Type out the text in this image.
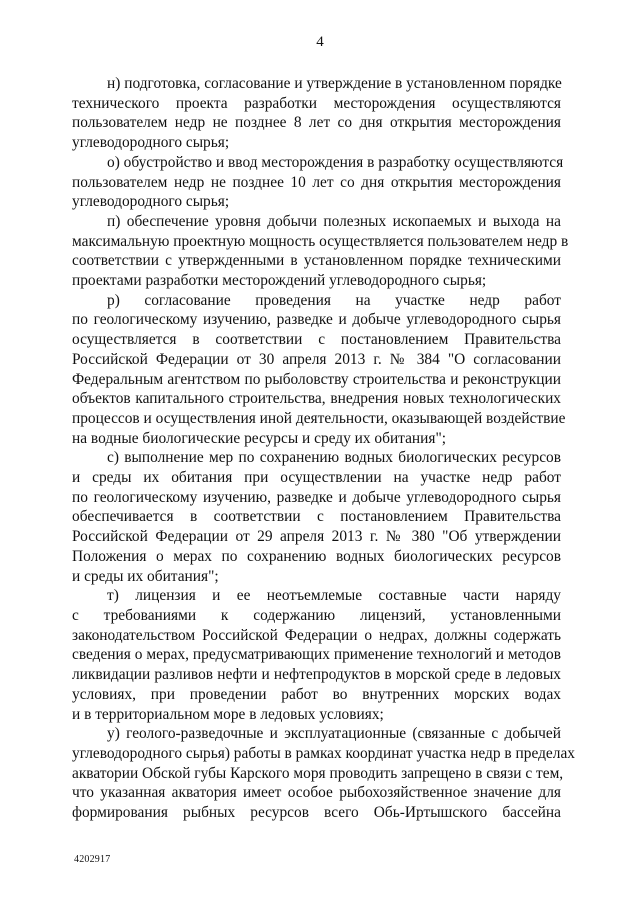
4

н) подготовка, согласование и утверждение в установленном порядке
технического проекта разработки месторождения осуществляются
пользователем недр не позднее 8 лет со дня открытия месторождения
углеводородного сырья;

о) обустройство и ввод месторождения в разработку осуществляются
пользователем недр не позднее 10 лет со дня открытия месторождения
углеводородного сырья;

п) обеспечение уровня добычи полезных ископаемых и выхода на
максимальную проектную мощность осуществляется пользователем недр в
соответствии с утвержденными в установленном порядке техническими
проектами разработки месторождений углеводородного сырья;

р) согласование проведения на участке недр работ
по геологическому изучению, разведке и добыче углеводородного сырья
осуществляется в соответствии с постановлением Правительства
Российской Федерации от 30 апреля 2013 г. № 384 "О согласовании
Федеральным агентством по рыболовству строительства и реконструкции
объектов капитального строительства, внедрения новых технологических
процессов и осуществления иной деятельности, оказывающей воздействие
на водные биологические ресурсы и среду их обитания";

с) выполнение мер по сохранению водных биологических ресурсов
и среды их обитания при осуществлении на участке недр работ
по геологическому изучению, разведке и добыче углеводородного сырья
обеспечивается в соответствии с постановлением Правительства
Российской Федерации от 29 апреля 2013 г. № 380 "Об утверждении
Положения о мерах по сохранению водных биологических ресурсов
и среды их обитания";

т) лицензия и ее неотъемлемые составные части наряду
с требованиями к содержанию лицензий, установленными
законодательством Российской Федерации о недрах, должны содержать
сведения о мерах, предусматривающих применение технологий и методов
ликвидации разливов нефти и нефтепродуктов в морской среде в ледовых
условиях, при проведении работ во внутренних морских водах
и в территориальном море в ледовых условиях;

у) геолого-разведочные и эксплуатационные (связанные с добычей
углеводородного сырья) работы в рамках координат участка недр в пределах
акватории Обской губы Карского моря проводить запрещено в связи с тем,
что указанная акватория имеет особое рыбохозяйственное значение для
формирования рыбных ресурсов всего Обь-Иртышского бассейна

4202917
